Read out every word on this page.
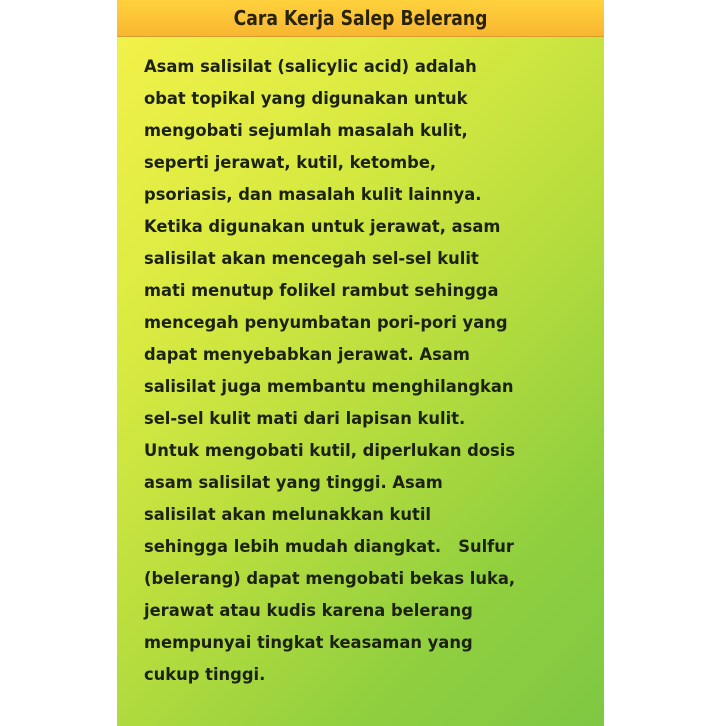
Cara Kerja Salep Belerang
Asam salisilat (salicylic acid) adalah
obat topikal yang digunakan untuk
mengobati sejumlah masalah kulit,
seperti jerawat, kutil, ketombe,
psoriasis, dan masalah kulit lainnya.
Ketika digunakan untuk jerawat, asam
salisilat akan mencegah sel-sel kulit
mati menutup folikel rambut sehingga
mencegah penyumbatan pori-pori yang
dapat menyebabkan jerawat. Asam
salisilat juga membantu menghilangkan
sel-sel kulit mati dari lapisan kulit.
Untuk mengobati kutil, diperlukan dosis
asam salisilat yang tinggi. Asam
salisilat akan melunakkan kutil
sehingga lebih mudah diangkat.   Sulfur
(belerang) dapat mengobati bekas luka,
jerawat atau kudis karena belerang
mempunyai tingkat keasaman yang
cukup tinggi.
